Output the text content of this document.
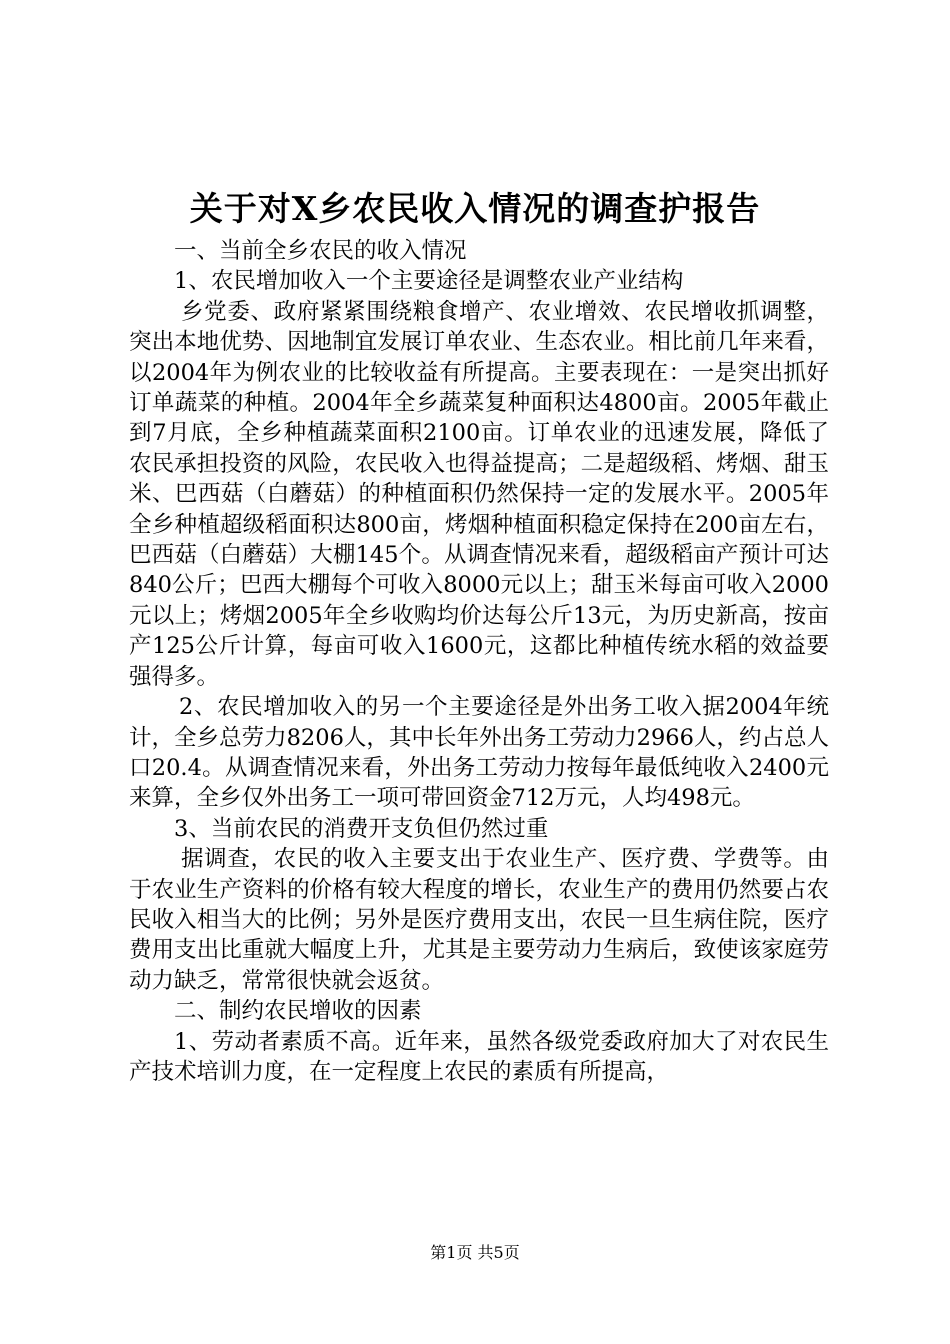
关于对X乡农民收入情况的调查护报告

一、当前全乡农民的收入情况

1、农民增加收入一个主要途径是调整农业产业结构

乡党委、政府紧紧围绕粮食增产、农业增效、农民增收抓调整，突出本地优势、因地制宜发展订单农业、生态农业。相比前几年来看，以2004年为例农业的比较收益有所提高。主要表现在：一是突出抓好订单蔬菜的种植。2004年全乡蔬菜复种面积达4800亩。2005年截止到7月底，全乡种植蔬菜面积2100亩。订单农业的迅速发展，降低了农民承担投资的风险，农民收入也得益提高；二是超级稻、烤烟、甜玉米、巴西菇（白蘑菇）的种植面积仍然保持一定的发展水平。2005年全乡种植超级稻面积达800亩，烤烟种植面积稳定保持在200亩左右，巴西菇（白蘑菇）大棚145个。从调查情况来看，超级稻亩产预计可达840公斤；巴西大棚每个可收入8000元以上；甜玉米每亩可收入2000元以上；烤烟2005年全乡收购均价达每公斤13元，为历史新高，按亩产125公斤计算，每亩可收入1600元，这都比种植传统水稻的效益要强得多。

2、农民增加收入的另一个主要途径是外出务工收入据2004年统计，全乡总劳力8206人，其中长年外出务工劳动力2966人，约占总人口20.4。从调查情况来看，外出务工劳动力按每年最低纯收入2400元来算，全乡仅外出务工一项可带回资金712万元，人均498元。

3、当前农民的消费开支负但仍然过重

据调查，农民的收入主要支出于农业生产、医疗费、学费等。由于农业生产资料的价格有较大程度的增长，农业生产的费用仍然要占农民收入相当大的比例；另外是医疗费用支出，农民一旦生病住院，医疗费用支出比重就大幅度上升，尤其是主要劳动力生病后，致使该家庭劳动力缺乏，常常很快就会返贫。

二、制约农民增收的因素

1、劳动者素质不高。近年来，虽然各级党委政府加大了对农民生产技术培训力度，在一定程度上农民的素质有所提高，

第1页 共5页
